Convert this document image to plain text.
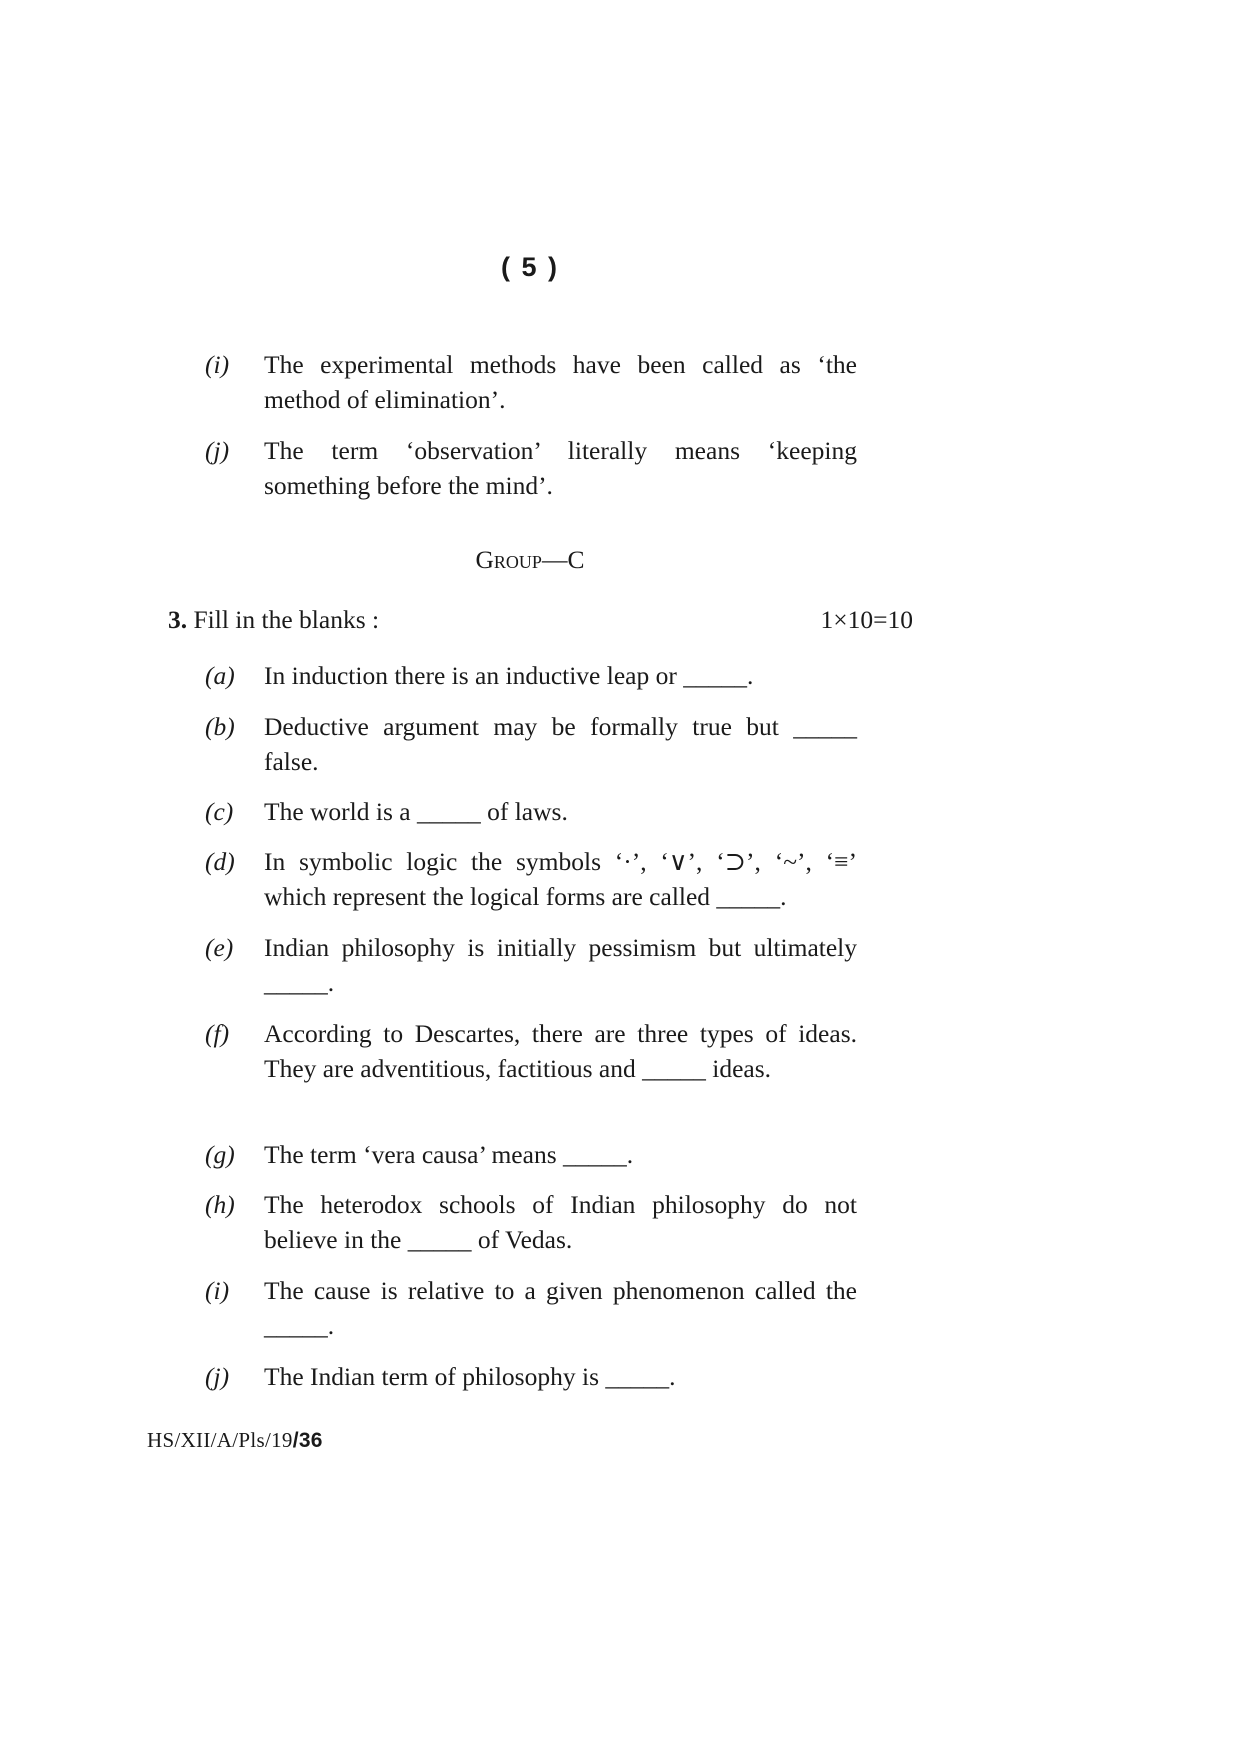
( 5 )
(i) The experimental methods have been called as ‘the method of elimination’.
(j) The term ‘observation’ literally means ‘keeping something before the mind’.
Group—C
3. Fill in the blanks :	1×10=10
(a) In induction there is an inductive leap or _____.
(b) Deductive argument may be formally true but _____ false.
(c) The world is a _____ of laws.
(d) In symbolic logic the symbols ‘·’, ‘∨’, ‘⊃’, ‘~’, ‘≡’ which represent the logical forms are called _____.
(e) Indian philosophy is initially pessimism but ultimately _____.
(f) According to Descartes, there are three types of ideas. They are adventitious, factitious and _____ ideas.
(g) The term ‘vera causa’ means _____.
(h) The heterodox schools of Indian philosophy do not believe in the _____ of Vedas.
(i) The cause is relative to a given phenomenon called the _____.
(j) The Indian term of philosophy is _____.
HS/XII/A/Pls/19/36
